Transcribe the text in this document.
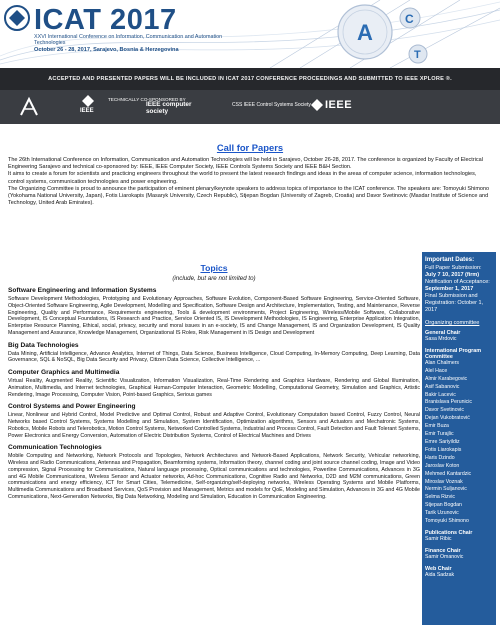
ICAT 2017
XXVI International Conference on Information, Communication and Automation Technologies
October 26 - 28, 2017, Sarajevo, Bosnia & Herzegovina
A
C
T
ACCEPTED AND PRESENTED PAPERS WILL BE INCLUDED IN ICAT 2017 CONFERENCE PROCEEDINGS AND SUBMITTED TO IEEE XPLORE ®.
IEEE
TECHNICALLY CO-SPONSORED BY
IEEE computer society
CSS IEEE Control Systems Society IEEE
Call for Papers

The 26th International Conference on Information, Communication and Automation Technologies will be held in Sarajevo, October 26-28, 2017. The conference is organized by Faculty of Electrical Engineering Sarajevo and technical co-sponsored by: IEEE, IEEE Computer Society, IEEE Controls Systems Society and IEEE B&H Section.

It aims to create a forum for scientists and practicing engineers throughout the world to present the latest research findings and ideas in the areas of computer science, information technologies, control systems, communication technologies and power engineering.

The Organizing Committee is proud to announce the participation of eminent plenary/keynote speakers to address topics of importance to the ICAT conference. The speakers are: Tomoyuki Shimono (Yokohama National University, Japan), Fotis Liarokapis (Masaryk University, Czech Republic), Stjepan Bogdan (University of Zagreb, Croatia) and Davor Svetinovic (Masdar Institute of Science and Technology, United Arab Emirates).

Topics
(include, but are not limited to)
Software Engineering and Information Systems
Software Development Methodologies, Prototyping and Evolutionary Approaches, Software Evolution, Component-Based Software Engineering, Service-Oriented Software, Object-Oriented Software Engineering, Agile Development, Modelling and Specification, Software Design and Architecture, Implementation, Testing, and Maintenance, Reverse Engineering, Quality and Performance, Requirements engineering, Tools & development environments, Project Engineering, Wireless/Mobile Software, Collaborative Development, IS Conceptual Foundations, IS Research and Practice, Service Oriented IS, IS Development Methodologies, IS Engineering, Enterprise Application Integration, Enterprise Resource Planning, Ethical, social, privacy, security and moral issues in an e-society, IS and Change Management, IS and Organization Development, IS Quality Management and Assurance, Knowledge Management, Organizational IS Roles, Risk Management in IS Design and Development
Big Data Technologies
Data Mining, Artificial Intelligence, Advance Analytics, Internet of Things, Data Science, Business Intelligence, Cloud Computing, In-Memory Computing, Deep Learning, Data Governance, SQL & NoSQL, Big Data Security and Privacy, Citizen Data Science, Collective Intelligence, ...
Computer Graphics and Multimedia
Virtual Reality, Augmented Reality, Scientific Visualization, Information Visualization, Real-Time Rendering and Graphics Hardware, Rendering and Global Illumination, Animation, Multimedia, and Internet technologies, Graphical Human-Computer Interaction, Geometric Modelling, Computational Geometry, Simulation and Graphics, Artistic Rendering, Image Processing, Computer Vision, Point-based Graphics, Serious games
Control Systems and Power Engineering
Linear, Nonlinear and Hybrid Control, Model Predictive and Optimal Control, Robust and Adaptive Control, Evolutionary Computation based Control, Fuzzy Control, Neural Networks based Control Systems, Systems Modelling and Simulation, System Identification, Optimization algorithms, Sensors and Actuators and Mechatronic Systems, Robotics, Mobile Robots and Telerobotics, Motion Control Systems, Networked Controlled Systems, Industrial and Process Control, Fault Detection and Fault Tolerant Systems, Power Electronics and Energy Conversion, Automation of Electric Distribution Systems, Control of Electrical Machines and Drives
Communication Technologies
Mobile Computing and Networking, Network Protocols and Topologies, Network Architectures and Network-Based Applications, Network Security, Vehicular networking, Wireless and Radio Communications, Antennas and Propagation, Beamforming systems, Information theory, channel coding and joint source channel coding, Image and Video compression, Signal Processing for Communications, Natural language processing, Optical communications and technologies, Powerline Communications, Advances in 3G and 4G Mobile Communications, Wireless Sensor and Actuator networks, Ad-hoc Communications, Cognitive Radio and Networks, D2D and M2M communications, Green communications and energy efficiency, ICT for Smart Cities, Telemedicine, Self-organizing/self-deploying networks, Wireless Operating Systems and Mobile Platforms, Multimedia Communications and Broadband Services, QoS Provision and Management, Metrics and models for QoE, Modeling and Simulation, Advances in 3G and 4G Mobile Communications, Next-Generation Networks, Big Data Networking, Modeling and Simulation, Education in Communication Engineering.
Important Dates:
Full Paper Submission:
July 7 10, 2017 (firm)
Notification of Acceptance:
September 1, 2017
Final Submission and
Registration: October 1, 2017
Organizing committee
General Chair
Sasa Mrdovic
International Program Committee
Alan Chalmers
Alel Hace
Almir Karabegovic
Asif Sabanovic
Bakir Lacevic
Branislava Perunicic
Davor Svetinovic
Dejan Vukobratović
Emir Buza
Emir Turajlic
Emre Sariyildiz
Fotis Liarokapis
Haris Dzindo
Jaroslav Koton
Mehmed Kantardzic
Miroslav Voznak
Nermin Suljanovic
Selma Rizvic
Stjepan Bogdan
Tarik Uzunovic
Tomoyuki Shimono
Publications Chair
Samir Ribic
Finance Chair
Samir Omanovic
Web Chair
Aida Sadzak
